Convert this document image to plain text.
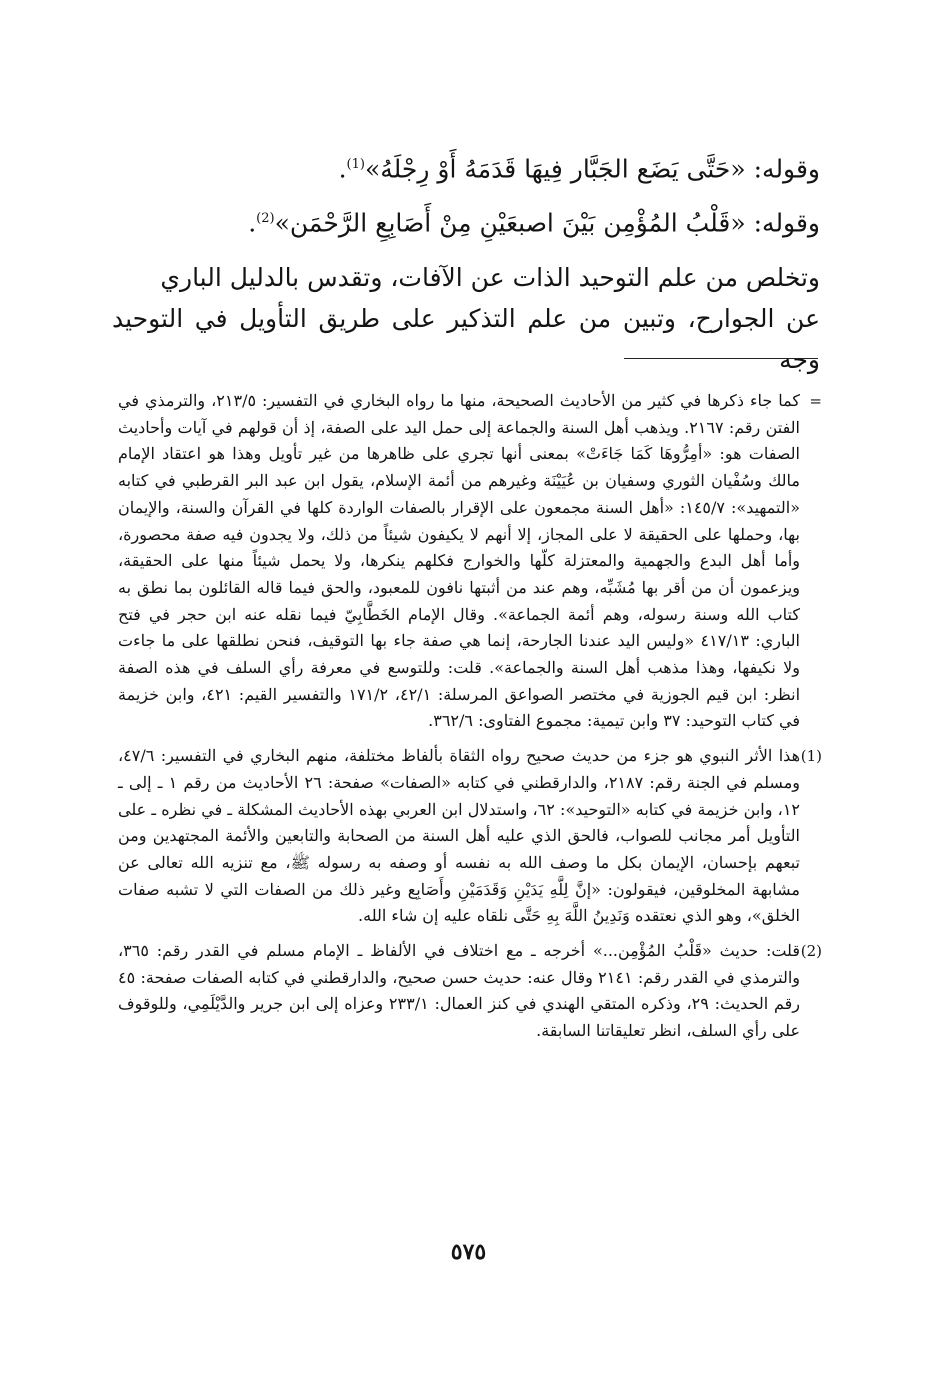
وقوله: «حَتَّى يَضَع الجَبَّار فِيهَا قَدَمَهُ أَوْ رِجْلَهُ»$^{(1)}$.
وقوله: «قَلْبُ المُؤْمِن بَيْنَ اصبعَيْنِ مِنْ أَصَابِعِ الرَّحْمَن»$^{(2)}$.
وتخلص من علم التوحيد الذات عن الآفات، وتقدس بالدليل الباري
عن الجوارح، وتبين من علم التذكير على طريق التأويل في التوحيد وجه
=
كما جاء ذكرها في كثير من الأحاديث الصحيحة، منها ما رواه البخاري في التفسير: ٢١٣/٥، والترمذي في الفتن رقم: ٢١٦٧. ويذهب أهل السنة والجماعة إلى حمل اليد على الصفة، إذ أن قولهم في آيات وأحاديث الصفات هو: «أمِرُّوهَا كَمَا جَاءَتْ» بمعنى أنها تجري على ظاهرها من غير تأويل وهذا هو اعتقاد الإمام مالك وسُفْيان الثوري وسفيان بن عُيَيْنَة وغيرهم من أئمة الإسلام، يقول ابن عبد البر القرطبي في كتابه «التمهيد»: ١٤٥/٧: «أهل السنة مجمعون على الإقرار بالصفات الواردة كلها في القرآن والسنة، والإيمان بها، وحملها على الحقيقة لا على المجاز، إلا أنهم لا يكيفون شيئاً من ذلك، ولا يجدون فيه صفة محصورة، وأما أهل البدع والجهمية والمعتزلة كلّها والخوارج فكلهم ينكرها، ولا يحمل شيئاً منها على الحقيقة، ويزعمون أن من أقر بها مُشَبِّه، وهم عند من أثبتها نافون للمعبود، والحق فيما قاله القائلون بما نطق به كتاب الله وسنة رسوله، وهم أئمة الجماعة». وقال الإمام الخَطَّابِيّ فيما نقله عنه ابن حجر في فتح الباري: ٤١٧/١٣ «وليس اليد عندنا الجارحة، إنما هي صفة جاء بها التوقيف، فنحن نطلقها على ما جاءت ولا نكيفها، وهذا مذهب أهل السنة والجماعة». قلت: وللتوسع في معرفة رأي السلف في هذه الصفة انظر: ابن قيم الجوزية في مختصر الصواعق المرسلة: ٤٢/١، ١٧١/٢ والتفسير القيم: ٤٢١، وابن خزيمة في كتاب التوحيد: ٣٧ وابن تيمية: مجموع الفتاوى: ٣٦٢/٦.
(1)
هذا الأثر النبوي هو جزء من حديث صحيح رواه الثقاة بألفاظ مختلفة، منهم البخاري في التفسير: ٤٧/٦، ومسلم في الجنة رقم: ٢١٨٧، والدارقطني في كتابه «الصفات» صفحة: ٢٦ الأحاديث من رقم ١ ـ إلى ـ ١٢، وابن خزيمة في كتابه «التوحيد»: ٦٢، واستدلال ابن العربي بهذه الأحاديث المشكلة ـ في نظره ـ على التأويل أمر مجانب للصواب، فالحق الذي عليه أهل السنة من الصحابة والتابعين والأئمة المجتهدين ومن تبعهم بإحسان، الإيمان بكل ما وصف الله به نفسه أو وصفه به رسوله ﷺ، مع تنزيه الله تعالى عن مشابهة المخلوقين، فيقولون: «إنَّ لِلَّهِ يَدَيْنِ وَقَدَمَيْنِ وأَصَابِع وغير ذلك من الصفات التي لا تشبه صفات الخلق»، وهو الذي نعتقده وَنَدِينُ اللَّهَ بِهِ حَتَّى نلقاه عليه إن شاء الله.
(2)
قلت: حديث «قَلْبُ المُؤْمِن...» أخرجه ـ مع اختلاف في الألفاظ ـ الإمام مسلم في القدر رقم: ٣٦٥، والترمذي في القدر رقم: ٢١٤١ وقال عنه: حديث حسن صحيح، والدارقطني في كتابه الصفات صفحة: ٤٥ رقم الحديث: ٢٩، وذكره المتقي الهندي في كنز العمال: ٢٣٣/١ وعزاه إلى ابن جرير والدَّيْلَمِي، وللوقوف على رأي السلف، انظر تعليقاتنا السابقة.
٥٧٥
